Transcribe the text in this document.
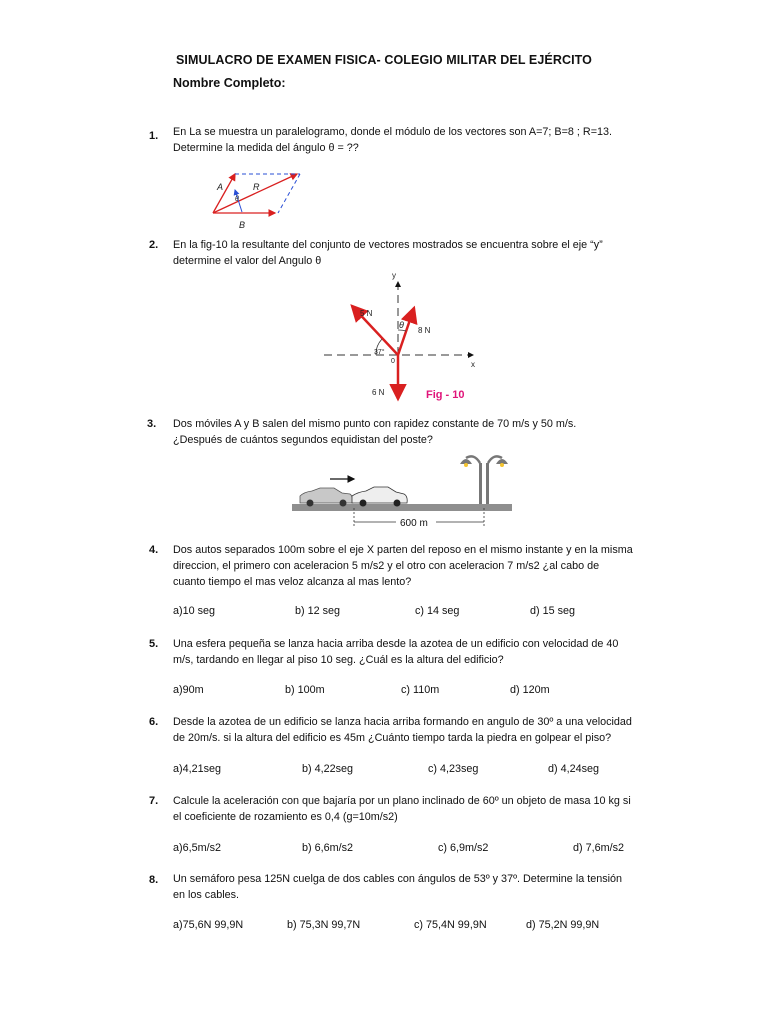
SIMULACRO DE EXAMEN FISICA- COLEGIO MILITAR DEL EJÉRCITO
Nombre Completo:
1. En La se muestra un paralelogramo, donde el módulo de los vectores son A=7; B=8 ; R=13.
Determine la medida del ángulo θ = ??
A	R
B
θ
2. En la fig-10 la resultante del conjunto de vectores mostrados se encuentra sobre el eje “y”
determine el valor del Angulo θ
y
x
5 N
8 N
6 N
37°
θ
0
Fig - 10
3. Dos móviles A y B salen del mismo punto con rapidez constante de 70 m/s y 50 m/s.
¿Después de cuántos segundos equidistan del poste?
600 m
4. Dos autos separados 100m sobre el eje X parten del reposo en el mismo instante y en la misma
direccion, el primero con aceleracion 5 m/s2 y el otro con aceleracion 7 m/s2 ¿al cabo de
cuanto tiempo el mas veloz alcanza al mas lento?
a)10 seg	b) 12 seg	c) 14 seg	d) 15 seg
5. Una esfera pequeña se lanza hacia arriba desde la azotea de un edificio con velocidad de 40
m/s, tardando en llegar al piso 10 seg. ¿Cuál es la altura del edificio?
a)90m	b) 100m	c) 110m	d) 120m
6. Desde la azotea de un edificio se lanza hacia arriba formando en angulo de 30º a una velocidad
de 20m/s. si la altura del edificio es 45m ¿Cuánto tiempo tarda la piedra en golpear el piso?
a)4,21seg	b) 4,22seg	c) 4,23seg	d) 4,24seg
7. Calcule la aceleración con que bajaría por un plano inclinado de 60º un objeto de masa 10 kg si
el coeficiente de rozamiento es 0,4 (g=10m/s2)
a)6,5m/s2	b) 6,6m/s2	c) 6,9m/s2	d) 7,6m/s2
8. Un semáforo pesa 125N cuelga de dos cables con ángulos de 53º y 37º. Determine la tensión
en los cables.
a)75,6N 99,9N	b) 75,3N 99,7N	c) 75,4N 99,9N	d) 75,2N 99,9N
